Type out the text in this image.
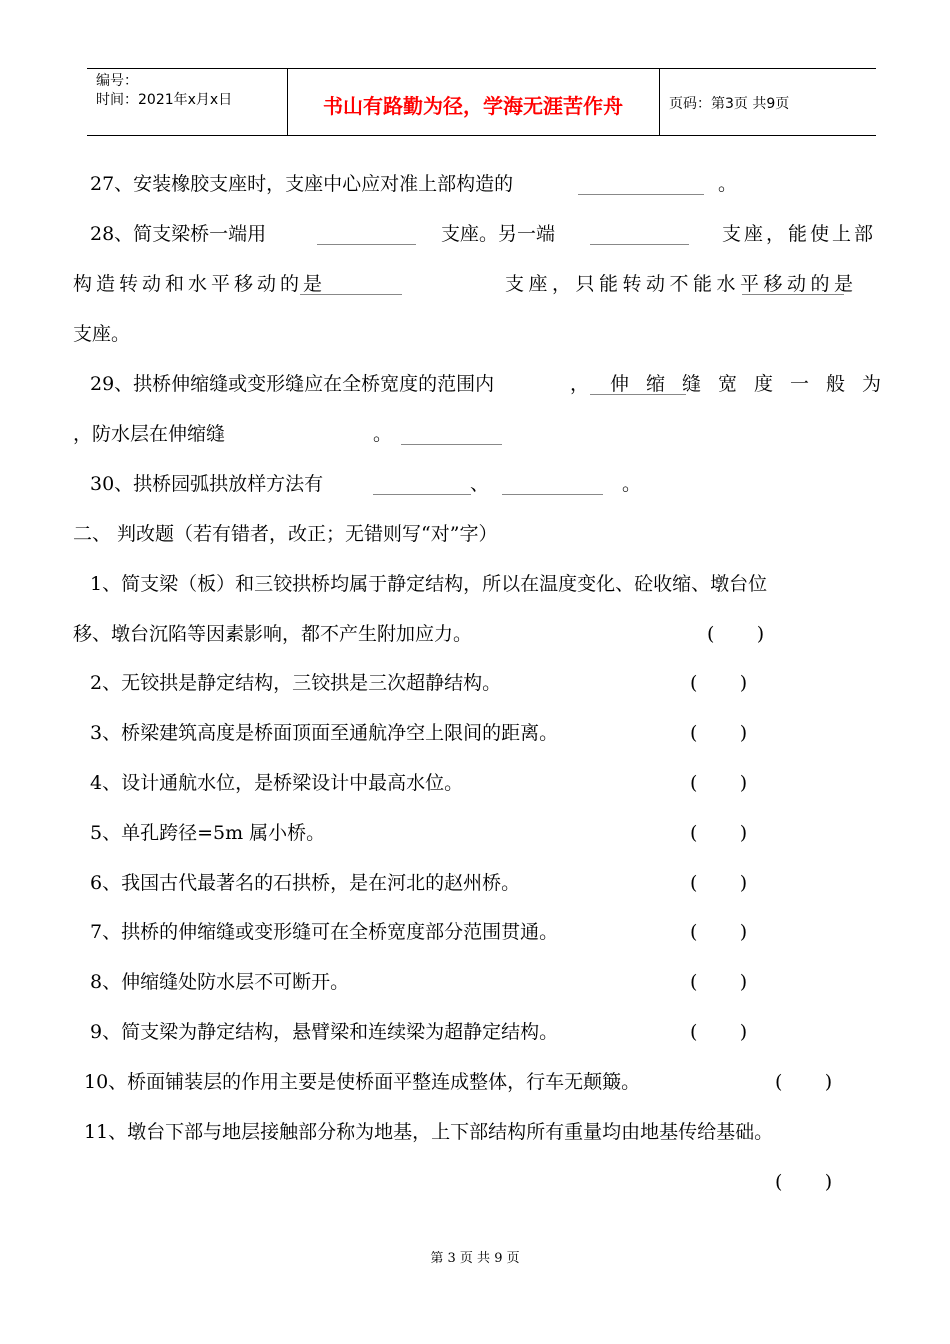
编号：
时间：2021年x月x日	书山有路勤为径，学海无涯苦作舟	页码：第3页 共9页
27、安装橡胶支座时，支座中心应对准上部构造的	。
28、简支梁桥一端用	支座。另一端	支座，能使上部
构造转动和水平移动的是	支座，只能转动不能水平移动的是
支座。
29、拱桥伸缩缝或变形缝应在全桥宽度的范围内	， 伸缩缝宽度一般为
，防水层在伸缩缝	。
30、拱桥园弧拱放样方法有	、	。
二、 判改题（若有错者，改正；无错则写“对”字）
1、简支梁（板）和三铰拱桥均属于静定结构，所以在温度变化、砼收缩、墩台位
移、墩台沉陷等因素影响，都不产生附加应力。	(       )
2、无铰拱是静定结构，三铰拱是三次超静结构。	(       )
3、桥梁建筑高度是桥面顶面至通航净空上限间的距离。	(       )
4、设计通航水位，是桥梁设计中最高水位。	(       )
5、单孔跨径=5m 属小桥。	(       )
6、我国古代最著名的石拱桥，是在河北的赵州桥。	(       )
7、拱桥的伸缩缝或变形缝可在全桥宽度部分范围贯通。	(       )
8、伸缩缝处防水层不可断开。	(       )
9、简支梁为静定结构，悬臂梁和连续梁为超静定结构。	(       )
10、桥面铺装层的作用主要是使桥面平整连成整体，行车无颠簸。	(       )
11、墩台下部与地层接触部分称为地基，上下部结构所有重量均由地基传给基础。
(       )
第 3 页 共 9 页
